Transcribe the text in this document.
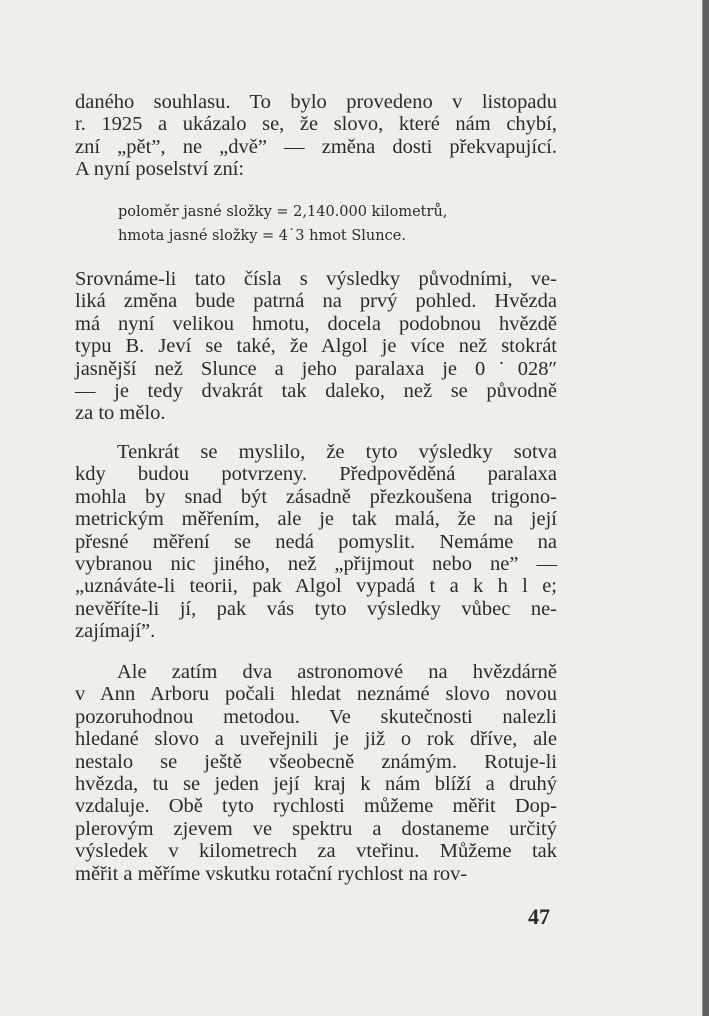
daného souhlasu. To bylo provedeno v listopadu
r. 1925 a ukázalo se, že slovo, které nám chybí,
zní „pět”, ne „dvě” — změna dosti překvapující.
A nyní poselství zní:
Srovnáme-li tato čísla s výsledky původními, ve-
liká změna bude patrná na prvý pohled. Hvězda
má nyní velikou hmotu, docela podobnou hvězdě
typu B. Jeví se také, že Algol je více než stokrát
jasnější než Slunce a jeho paralaxa je 0˙028″
— je tedy dvakrát tak daleko, než se původně
za to mělo.
Tenkrát se myslilo, že tyto výsledky sotva
kdy budou potvrzeny. Předpověděná paralaxa
mohla by snad být zásadně přezkoušena trigono-
metrickým měřením, ale je tak malá, že na její
přesné měření se nedá pomyslit. Nemáme na
vybranou nic jiného, než „přijmout nebo ne” —
„uznáváte-li teorii, pak Algol vypadá t a k h l e;
nevěříte-li jí, pak vás tyto výsledky vůbec ne-
zajímají”.
Ale zatím dva astronomové na hvězdárně
v Ann Arboru počali hledat neznámé slovo novou
pozoruhodnou metodou. Ve skutečnosti nalezli
hledané slovo a uveřejnili je již o rok dříve, ale
nestalo se ještě všeobecně známým. Rotuje-li
hvězda, tu se jeden její kraj k nám blíží a druhý
vzdaluje. Obě tyto rychlosti můžeme měřit Dop-
plerovým zjevem ve spektru a dostaneme určitý
výsledek v kilometrech za vteřinu. Můžeme tak
měřit a měříme vskutku rotační rychlost na rov-
poloměr jasné složky = 2,140.000 kilometrů,
hmota jasné složky = 4˙3 hmot Slunce.
47
